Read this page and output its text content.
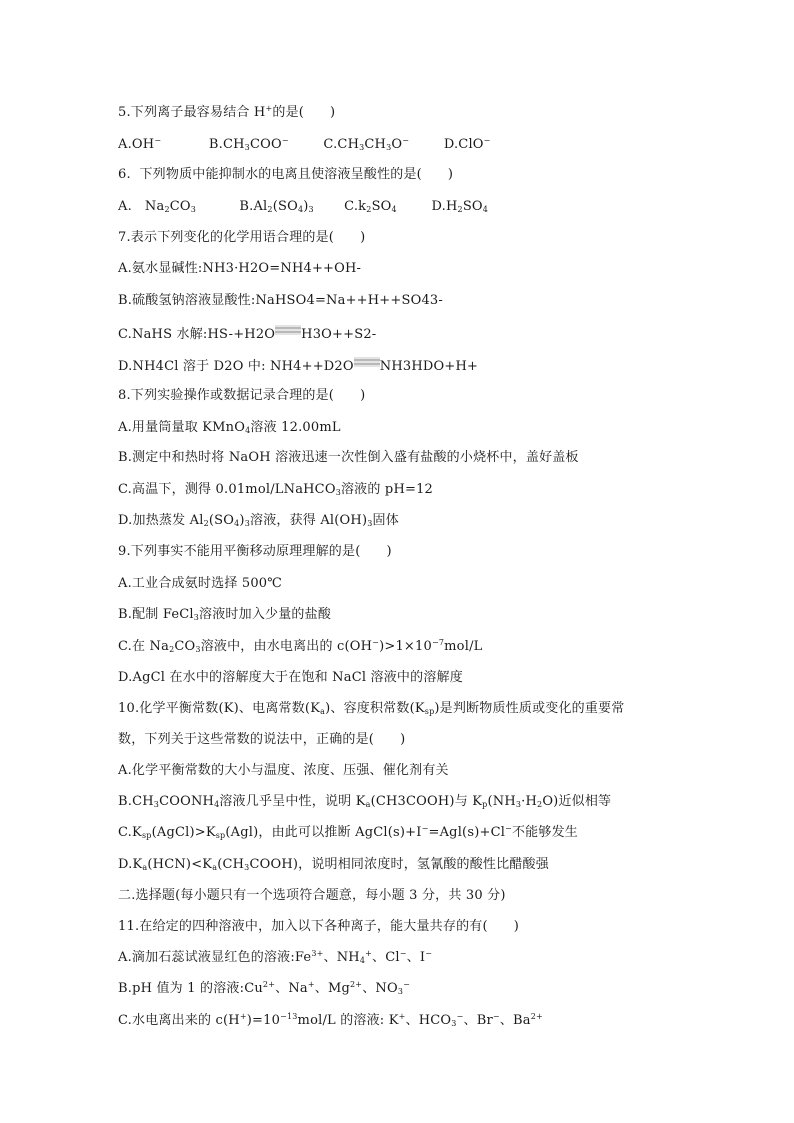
5.下列离子最容易结合 H+的是(      )
A.OH−           $B.CH_3COO^-$        $C.CH_3CH_3O^-$        D.ClO−
6.  下列物质中能抑制水的电离且使溶液呈酸性的是(      )
A.   $Na_2CO_3$          $B.Al_2(SO_4)_3$       $C.k_2SO_4$        $D.H_2SO_4$
7.表示下列变化的化学用语合理的是(      )
A.氨水显碱性:NH3·H2O=NH4++OH-
B.硫酸氢钠溶液显酸性:NaHSO4=Na++H++SO43-
C.NaHS 水解:HS-+H2O H3O++S2-
D.NH4Cl 溶于 D2O 中: NH4++D2O NH3HDO+H+
8.下列实验操作或数据记录合理的是(      )
A.用量筒量取 KMnO$_4$溶液 12.00mL
B.测定中和热时将 NaOH 溶液迅速一次性倒入盛有盐酸的小烧杯中，盖好盖板
C.高温下，测得 0.01mol/LNaHCO$_3$溶液的 pH=12
D.加热蒸发 $Al_2(SO_4)_3$溶液，获得 $Al(OH)_3$固体
9.下列事实不能用平衡移动原理理解的是(      )
A.工业合成氨时选择 500℃
B.配制 FeCl$_3$溶液时加入少量的盐酸
C.在 $Na_2CO_3$溶液中，由水电离出的 $c(OH^-)>1\times 10^{-7}mol/L$
D.AgCl 在水中的溶解度大于在饱和 NaCl 溶液中的溶解度
10.化学平衡常数(K)、电离常数$(K_a)$、容度积常数$(K_{sp})$是判断物质性质或变化的重要常
数，下列关于这些常数的说法中，正确的是(      )
A.化学平衡常数的大小与温度、浓度、压强、催化剂有关
$B.CH_3COONH_4$溶液几乎呈中性，说明 $K_a(CH3COOH)$与 $K_p(NH_3\cdot H_2O)$近似相等
$C.K_{sp}(AgCl)>K_{sp}(Agl)$，由此可以推断 AgCl(s)+I−=Agl(s)+Cl−不能够发生
$D.K_a(HCN)<K_a(CH_3COOH)$，说明相同浓度时，氢氰酸的酸性比醋酸强
二.选择题(每小题只有一个选项符合题意，每小题 3 分，共 30 分)
11.在给定的四种溶液中，加入以下各种离子，能大量共存的有(      )
A.滴加石蕊试液显红色的溶液$:Fe^{3+}$、$NH_4^+$、Cl−、I−
B.pH 值为 1 的溶液$:Cu^{2+}$、Na+、$Mg^{2+}$、$NO_3^-$
C.水电离出来的 $c(H^+)=10^{-13}mol/L$ 的溶液: K+、$HCO_3^-$、Br−、$Ba^{2+}$
